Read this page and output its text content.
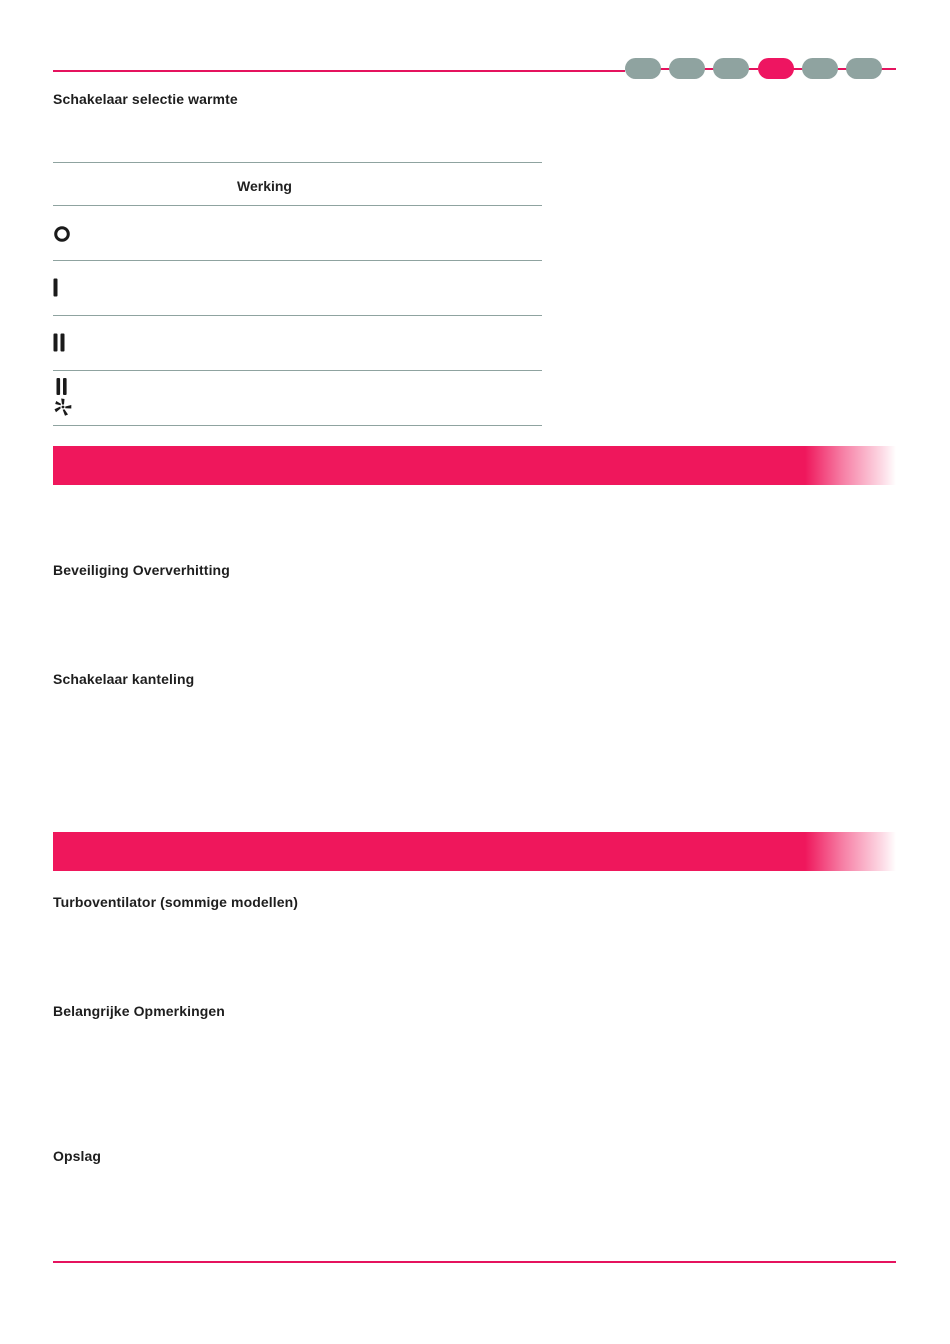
Schakelaar selectie warmte
Werking
Beveiliging Oververhitting
Schakelaar kanteling
Turboventilator (sommige modellen)
Belangrijke Opmerkingen
Opslag
